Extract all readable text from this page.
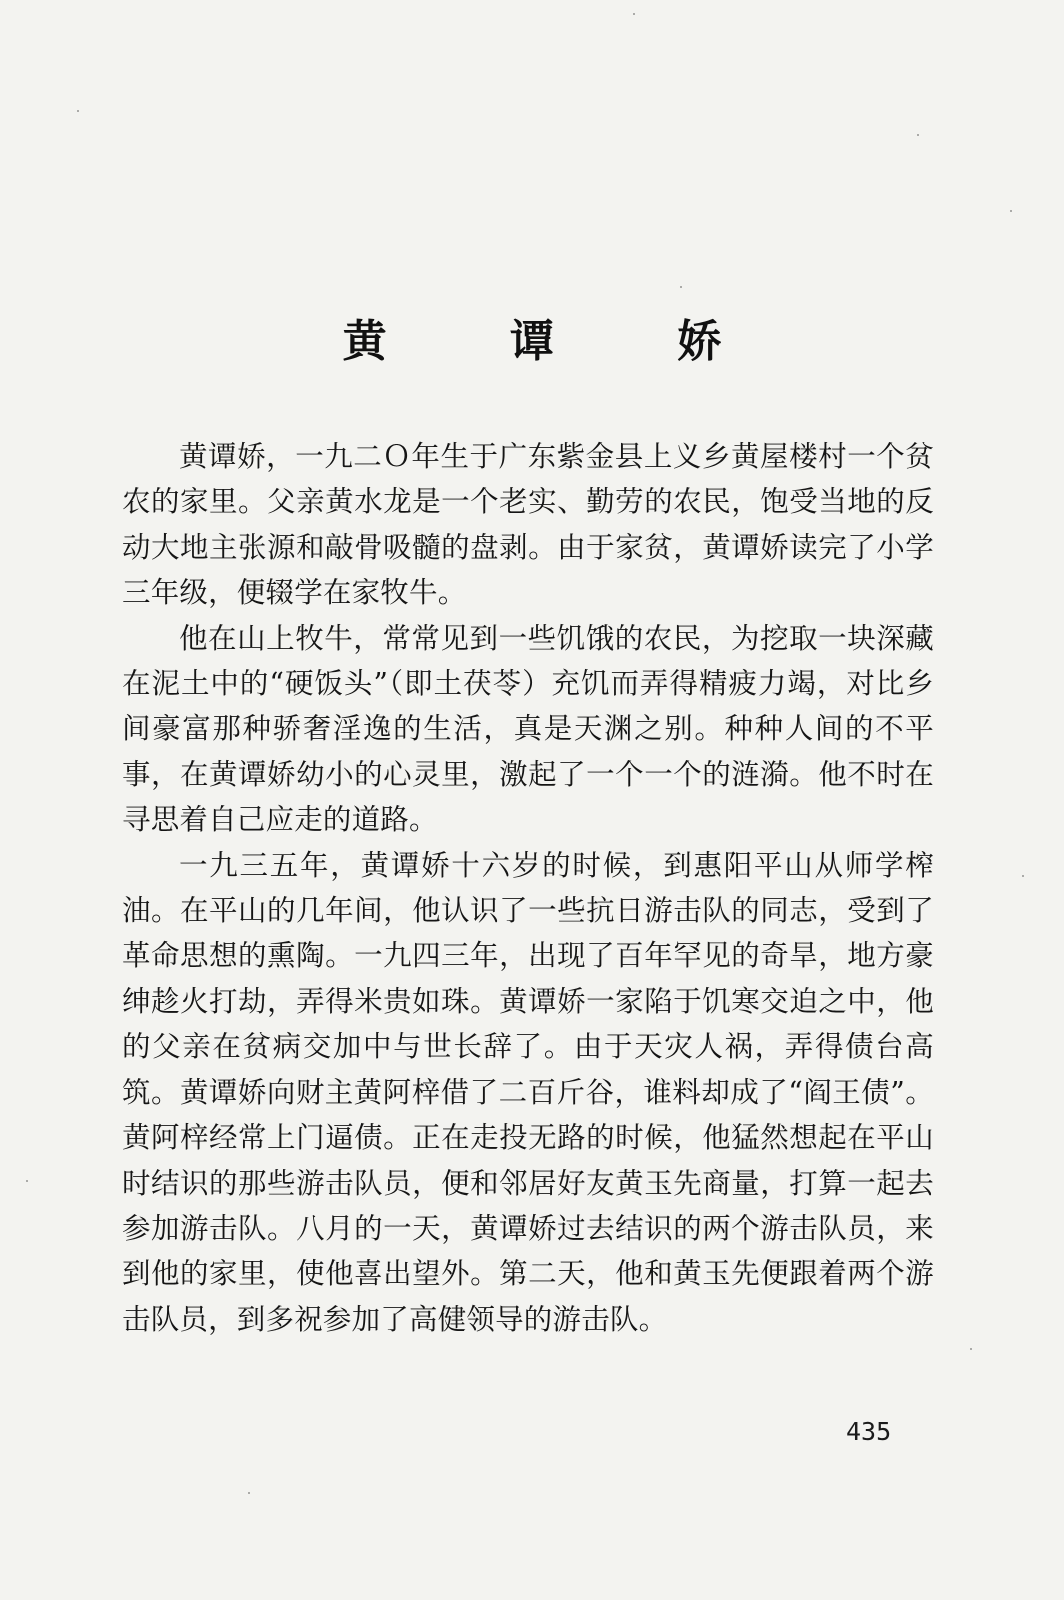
黄 谭 娇

黄谭娇，一九二Ｏ年生于广东紫金县上义乡黄屋楼村一个贫农的家里。父亲黄水龙是一个老实、勤劳的农民，饱受当地的反动大地主张源和敲骨吸髓的盘剥。由于家贫，黄谭娇读完了小学三年级，便辍学在家牧牛。

他在山上牧牛，常常见到一些饥饿的农民，为挖取一块深藏在泥土中的“硬饭头”（即土茯苓）充饥而弄得精疲力竭，对比乡间豪富那种骄奢淫逸的生活，真是天渊之别。种种人间的不平事，在黄谭娇幼小的心灵里，激起了一个一个的涟漪。他不时在寻思着自己应走的道路。

一九三五年，黄谭娇十六岁的时候，到惠阳平山从师学榨油。在平山的几年间，他认识了一些抗日游击队的同志，受到了革命思想的熏陶。一九四三年，出现了百年罕见的奇旱，地方豪绅趁火打劫，弄得米贵如珠。黄谭娇一家陷于饥寒交迫之中，他的父亲在贫病交加中与世长辞了。由于天灾人祸，弄得债台高筑。黄谭娇向财主黄阿梓借了二百斤谷，谁料却成了“阎王债”。黄阿梓经常上门逼债。正在走投无路的时候，他猛然想起在平山时结识的那些游击队员，便和邻居好友黄玉先商量，打算一起去参加游击队。八月的一天，黄谭娇过去结识的两个游击队员，来到他的家里，使他喜出望外。第二天，他和黄玉先便跟着两个游击队员，到多祝参加了高健领导的游击队。

435
